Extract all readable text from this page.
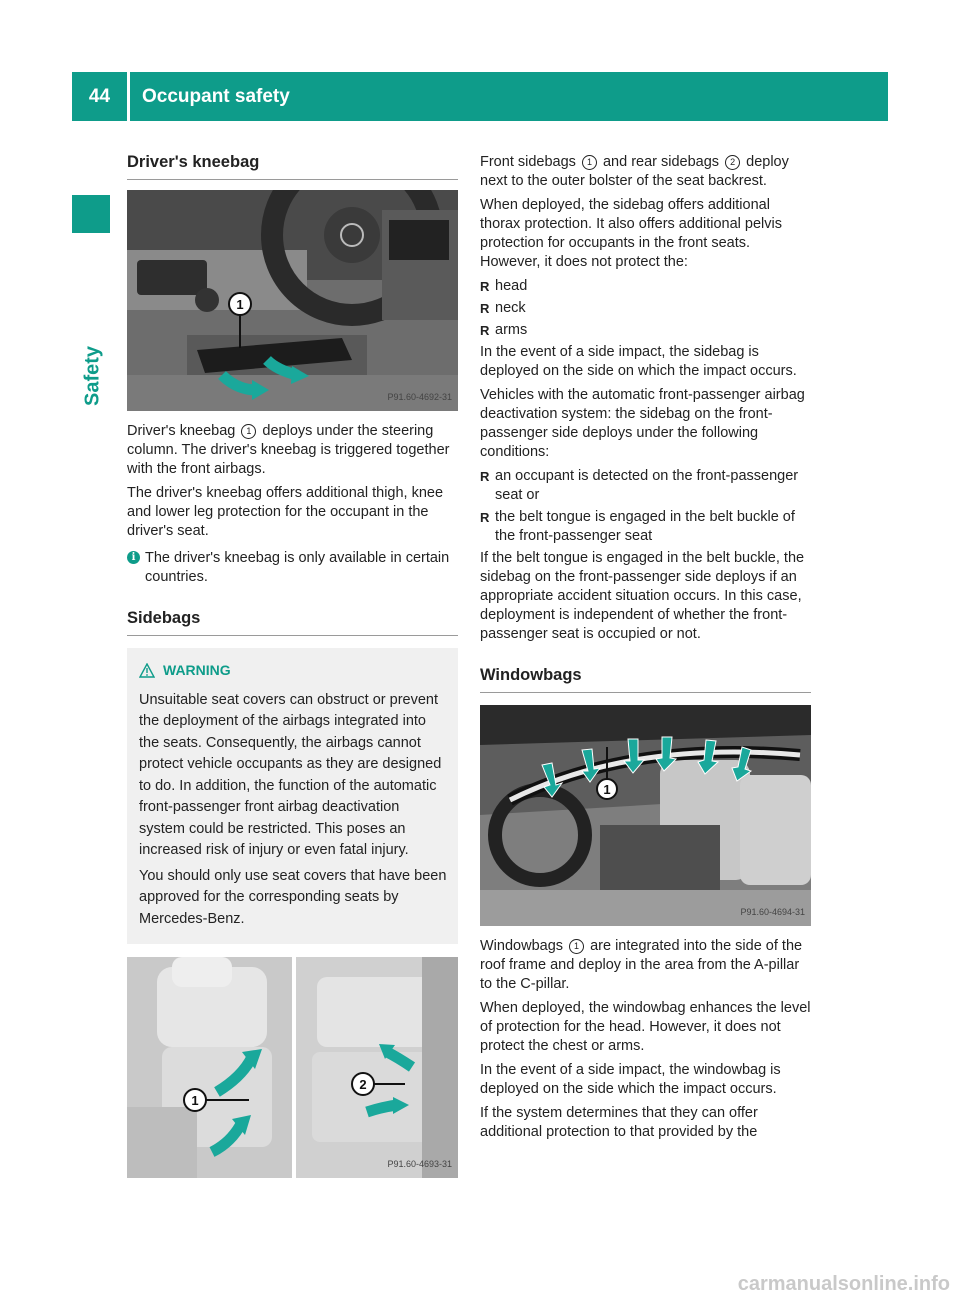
44	Occupant safety
Safety
Driver's kneebag
1
P91.60-4692-31

Driver's kneebag 1 deploys under the steering column. The driver's kneebag is triggered together with the front airbags.

The driver's kneebag offers additional thigh, knee and lower leg protection for the occupant in the driver's seat.

i The driver's kneebag is only available in certain countries.

Sidebags
WARNING

Unsuitable seat covers can obstruct or prevent the deployment of the airbags integrated into the seats. Consequently, the airbags cannot protect vehicle occupants as they are designed to do. In addition, the function of the automatic front-passenger front airbag deactivation system could be restricted. This poses an increased risk of injury or even fatal injury.

You should only use seat covers that have been approved for the corresponding seats by Mercedes-Benz.

1
2
P91.60-4693-31

Front sidebags 1 and rear sidebags 2 deploy next to the outer bolster of the seat backrest.

When deployed, the sidebag offers additional thorax protection. It also offers additional pelvis protection for occupants in the front seats. However, it does not protect the:

R head
R neck
R arms

In the event of a side impact, the sidebag is deployed on the side on which the impact occurs.

Vehicles with the automatic front-passenger airbag deactivation system: the sidebag on the front-passenger side deploys under the following conditions:

R an occupant is detected on the front-passenger seat or
R the belt tongue is engaged in the belt buckle of the front-passenger seat

If the belt tongue is engaged in the belt buckle, the sidebag on the front-passenger side deploys if an appropriate accident situation occurs. In this case, deployment is independent of whether the front-passenger seat is occupied or not.

Windowbags
1
P91.60-4694-31

Windowbags 1 are integrated into the side of the roof frame and deploy in the area from the A-pillar to the C-pillar.

When deployed, the windowbag enhances the level of protection for the head. However, it does not protect the chest or arms.

In the event of a side impact, the windowbag is deployed on the side which the impact occurs.

If the system determines that they can offer additional protection to that provided by the

carmanualsonline.info
